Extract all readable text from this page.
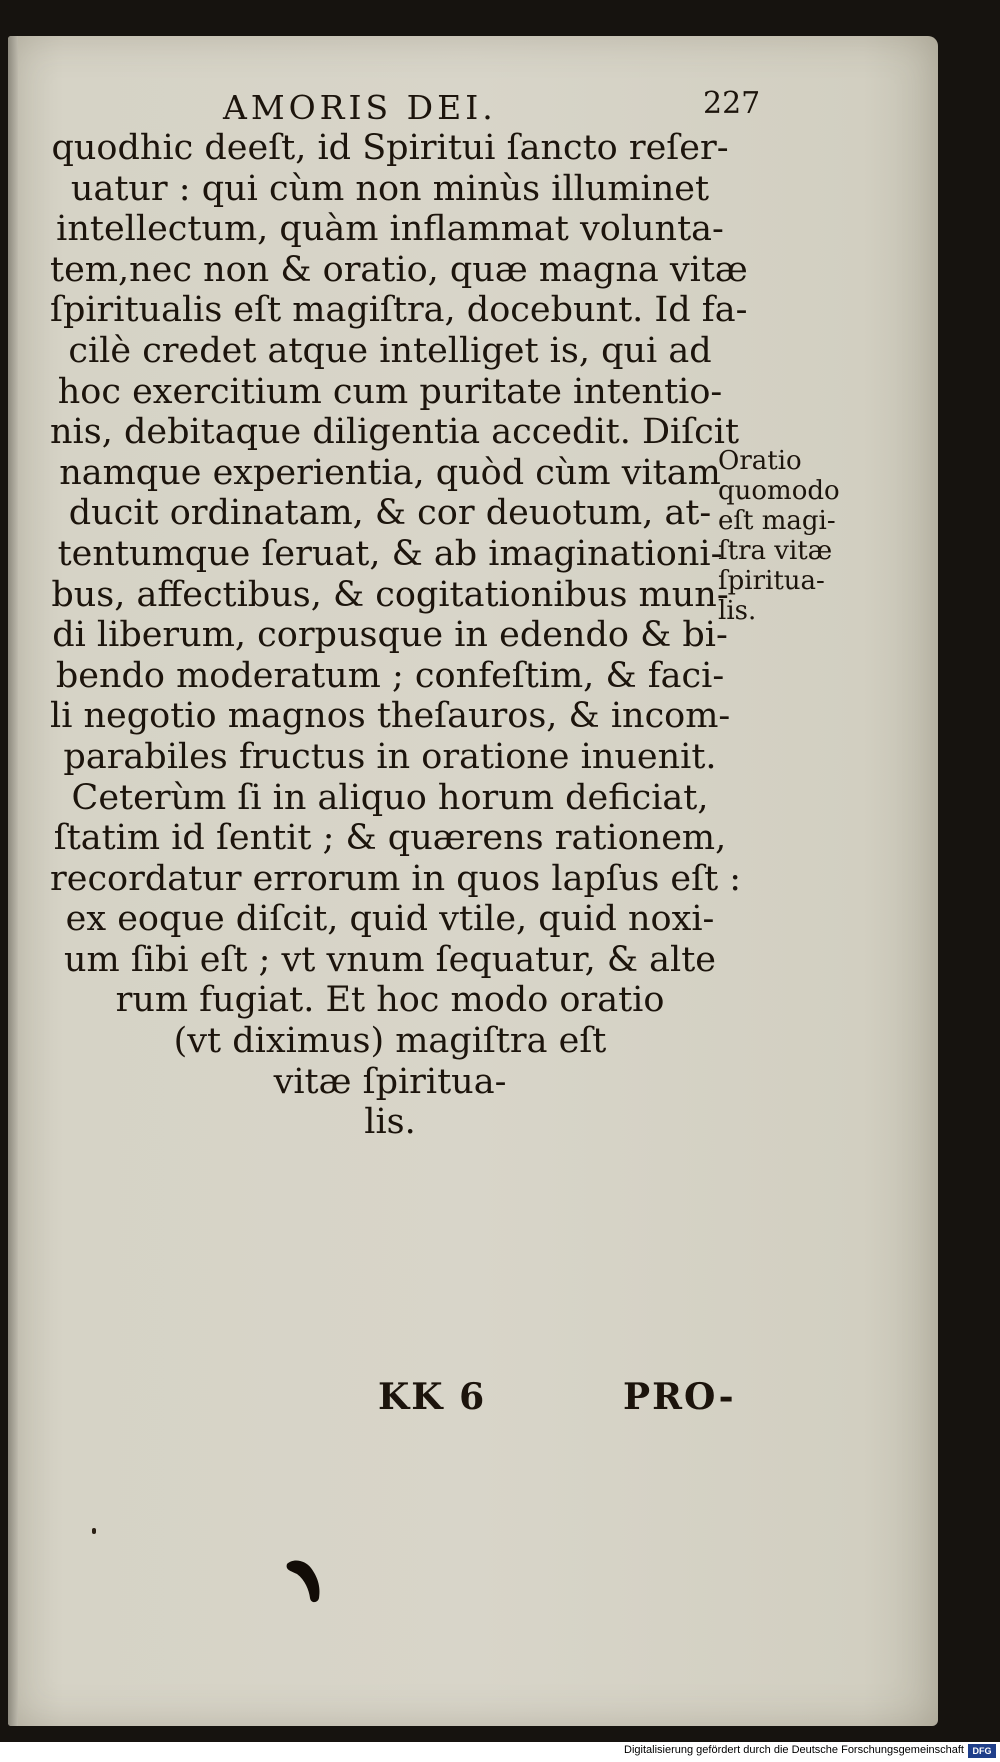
AMORIS DEI.	227
quodhic deeſt, id Spiritui ſancto reſer-
uatur : qui cùm non minùs illuminet
intellectum, quàm inflammat volunta-
tem,nec non & oratio, quæ magna vitæ
ſpiritualis eſt magiſtra, docebunt. Id fa-
cilè credet atque intelliget is, qui ad
hoc exercitium cum puritate intentio-
nis, debitaque diligentia accedit. Diſcit
namque experientia, quòd cùm vitam
ducit ordinatam, & cor deuotum, at-
tentumque ſeruat, & ab imaginationi-
bus, affectibus, & cogitationibus mun-
di liberum, corpusque in edendo & bi-
bendo moderatum ; confeſtim, & faci-
li negotio magnos theſauros, & incom-
parabiles fructus in oratione inuenit.
Ceterùm ſi in aliquo horum deficiat,
ſtatim id ſentit ; & quærens rationem,
recordatur errorum in quos lapſus eſt :
ex eoque diſcit, quid vtile, quid noxi-
um ſibi eſt ; vt vnum ſequatur, & alte
rum fugiat. Et hoc modo oratio
(vt diximus) magiſtra eſt
vitæ ſpiritua-
lis.
Oratio
quomodo
eſt magi-
ſtra vitæ
ſpiritua-
lis.
KK 6	PRO-
Digitalisierung gefördert durch die Deutsche Forschungsgemeinschaft DFG
